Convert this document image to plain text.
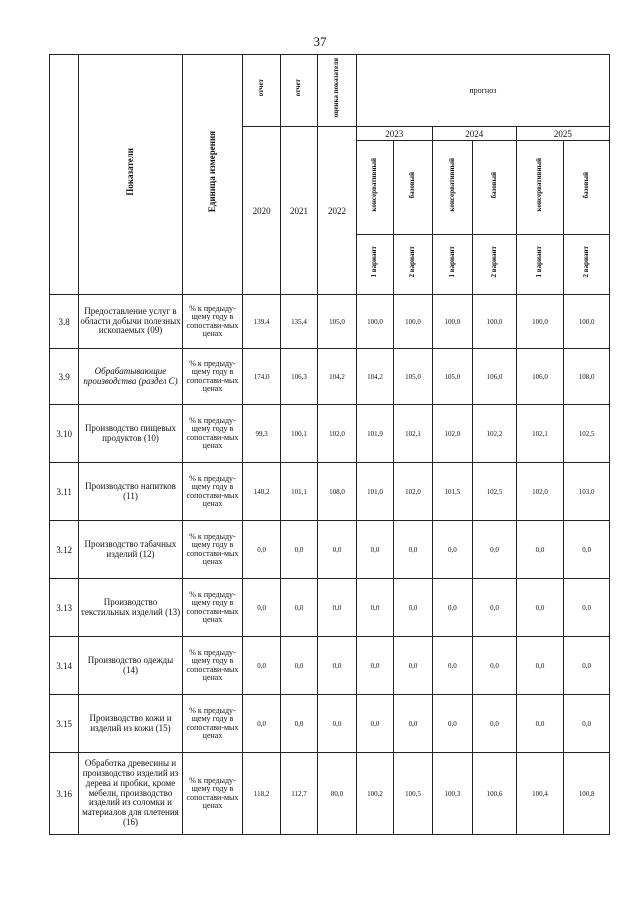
37
	Показатели	Единица измерения	отчет	отчет	оценка показателя	прогноз					
			2020	2021	2022	2023		2024		2025	
						консервативный	базовый	консервативный	базовый	консервативный	базовый
						1 вариант	2 вариант	1 вариант	2 вариант	1 вариант	2 вариант
3.8	Предоставление услуг в области добычи полезных ископаемых (09)	% к предыду-щему году в сопостави-мых ценах	139,4	135,4	105,0	100,0	100,0	100,0	100,0	100,0	100,0
3.9	Обрабатывающие производства (раздел С)	% к предыду-щему году в сопостави-мых ценах	174,0	106,3	104,2	104,2	105,0	105,0	106,0	106,0	108,0
3.10	Производство пищевых продуктов (10)	% к предыду-щему году в сопостави-мых ценах	99,3	100,1	102,0	101,9	102,1	102,0	102,2	102,1	102,5
3.11	Производство напитков (11)	% к предыду-щему году в сопостави-мых ценах	140,2	101,1	108,0	101,0	102,0	101,5	102,5	102,0	103,0
3.12	Производство табачных изделий (12)	% к предыду-щему году в сопостави-мых ценах	0,0	0,0	0,0	0,0	0,0	0,0	0,0	0,0	0,0
3.13	Производство текстильных изделий (13)	% к предыду-щему году в сопостави-мых ценах	0,0	0,0	0,0	0,0	0,0	0,0	0,0	0,0	0,0
3.14	Производство одежды (14)	% к предыду-щему году в сопостави-мых ценах	0,0	0,0	0,0	0,0	0,0	0,0	0,0	0,0	0,0
3.15	Производство кожи и изделий из кожи (15)	% к предыду-щему году в сопостави-мых ценах	0,0	0,0	0,0	0,0	0,0	0,0	0,0	0,0	0,0
3.16	Обработка древесины и производство изделий из дерева и пробки, кроме мебели, производство изделий из соломки и материалов для плетения (16)	% к предыду-щему году в сопостави-мых ценах	118,2	112,7	80,0	100,2	100,5	100,3	100,6	100,4	100,8
